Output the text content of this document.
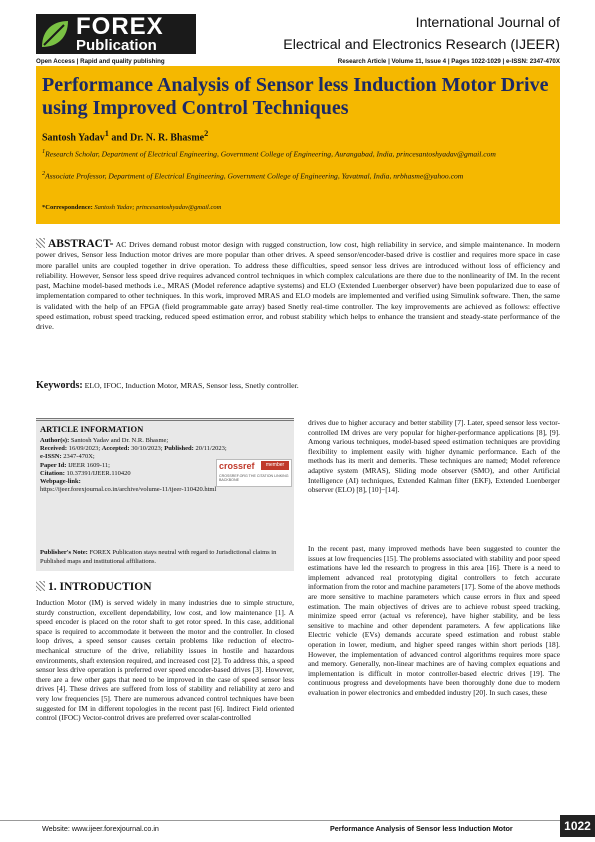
FOREX
Publication
Open Access | Rapid and quality publishing
International Journal of
Electrical and Electronics Research (IJEER)
Research Article | Volume 11, Issue 4 | Pages 1022-1029 | e-ISSN: 2347-470X
Performance Analysis of Sensor less Induction Motor Drive using Improved Control Techniques
Santosh Yadav$^1$ and Dr. N. R. Bhasme$^2$
$^1$Research Scholar, Department of Electrical Engineering, Government College of Engineering, Aurangabad, India, princesantoshyadav@gmail.com
$^2$Associate Professor, Department of Electrical Engineering, Government College of Engineering, Yavatmal, India, nrbhasme@yahoo.com
*Correspondence: Santosh Yadav; princesantoshyadav@gmail.com

ABSTRACT- AC Drives demand robust motor design with rugged construction, low cost, high reliability in service, and simple maintenance. In modern power drives, Sensor less Induction motor drives are more popular than other drives. A speed sensor/encoder-based drive is costlier and requires more space in case more parallel units are coupled together in drive operation. To address these difficulties, speed sensor less drives are introduced without loss of efficiency and reliability. However, Sensor less speed drive requires advanced control techniques in which complex calculations are there due to the nonlinearity of IM. In the recent past, Machine model-based methods i.e., MRAS (Model reference adaptive systems) and ELO (Extended Luenberger observer) have been popularized due to ease of implementation compared to other techniques. In this work, improved MRAS and ELO models are implemented and verified using Simulink software. Then, the same is validated with the help of an FPGA (field programmable gate array) based Snetly real-time controller. The key improvements are achieved as follows: effective speed estimation, robust speed tracking, reduced speed estimation error, and robust stability which helps to enhance the transient and steady-state performance of the drive.

Keywords: ELO, IFOC, Induction Motor, MRAS, Sensor less, Snetly controller.
ARTICLE INFORMATION
Author(s): Santosh Yadav and Dr. N.R. Bhasme;
Received: 16/09/2023; Accepted: 30/10/2023; Published: 20/11/2023;
e-ISSN: 2347-470X;
Paper Id: IJEER 1609-11;
Citation: 10.37391/IJEER.110420
Webpage-link:
https://ijeer.forexjournal.co.in/archive/volume-11/ijeer-110420.html
crossref	member
CROSSREF.ORG THE CITATION LINKING BACKBONE
Publisher's Note: FOREX Publication stays neutral with regard to Jurisdictional claims in Published maps and institutional affiliations.
1. INTRODUCTION

Induction Motor (IM) is served widely in many industries due to simple structure, sturdy construction, excellent dependability, low cost, and low maintenance [1]. A speed encoder is placed on the rotor shaft to get rotor speed. In this case, additional space is required to accommodate it between the motor and the controller. In closed loop drives, a speed sensor causes certain problems like reduction of electro-mechanical structure of the drive, reliability issues in hostile and hazardous environments, shaft extension required, and increased cost [2]. To address this, a speed sensor less drive operation is preferred over speed encoder-based drives [3]. However, there are a few other gaps that need to be improved in the case of speed sensor less drives [4]. These drives are suffered from loss of stability and reliability at zero and very low frequencies [5]. There are numerous advanced control techniques have been suggested for IM in different topologies in the recent past [6]. Indirect Field oriented control (IFOC) Vector-control drives are preferred over scalar-controlled

drives due to higher accuracy and better stability [7]. Later, speed sensor less vector-controlled IM drives are very popular for higher-performance applications [8], [9]. Among various techniques, model-based speed estimation techniques are providing flexibility to implement easily with higher dynamic performance. Each of the methods has its merit and demerits. These techniques are named; Model reference adaptive system (MRAS), Sliding mode observer (SMO), and other Artificial Intelligence (AI) techniques, Extended Kalman filter (EKF), Extended Luenberger observer (ELO) [8], [10]−[14].

In the recent past, many improved methods have been suggested to counter the issues at low frequencies [15]. The problems associated with stability and poor speed estimations have led the research to progress in this area [16]. There is a need to implement advanced real prototyping digital controllers to fetch accurate information from the rotor and machine parameters [17]. Some of the above methods are more sensitive to machine parameters which cause errors in flux and speed estimation. The main objectives of drives are to achieve robust speed tracking, minimize speed error (actual vs reference), have higher stability, and be less sensitive to machine and other dependent parameters. A few applications like Electric vehicle (EVs) demands accurate speed estimation and robust stable operation in lower, medium, and higher speed ranges within short periods [18]. However, the implementation of advanced control algorithms requires more space and memory. Generally, non-linear machines are of having complex equations and implementation is difficult in motor controller-based electric drives [19]. The continuous progress and developments have been thoroughly done due to modern evaluation in power electronics and embedded industry [20]. In such cases, these

Website: www.ijeer.forexjournal.co.in	Performance Analysis of Sensor less Induction Motor	1022
